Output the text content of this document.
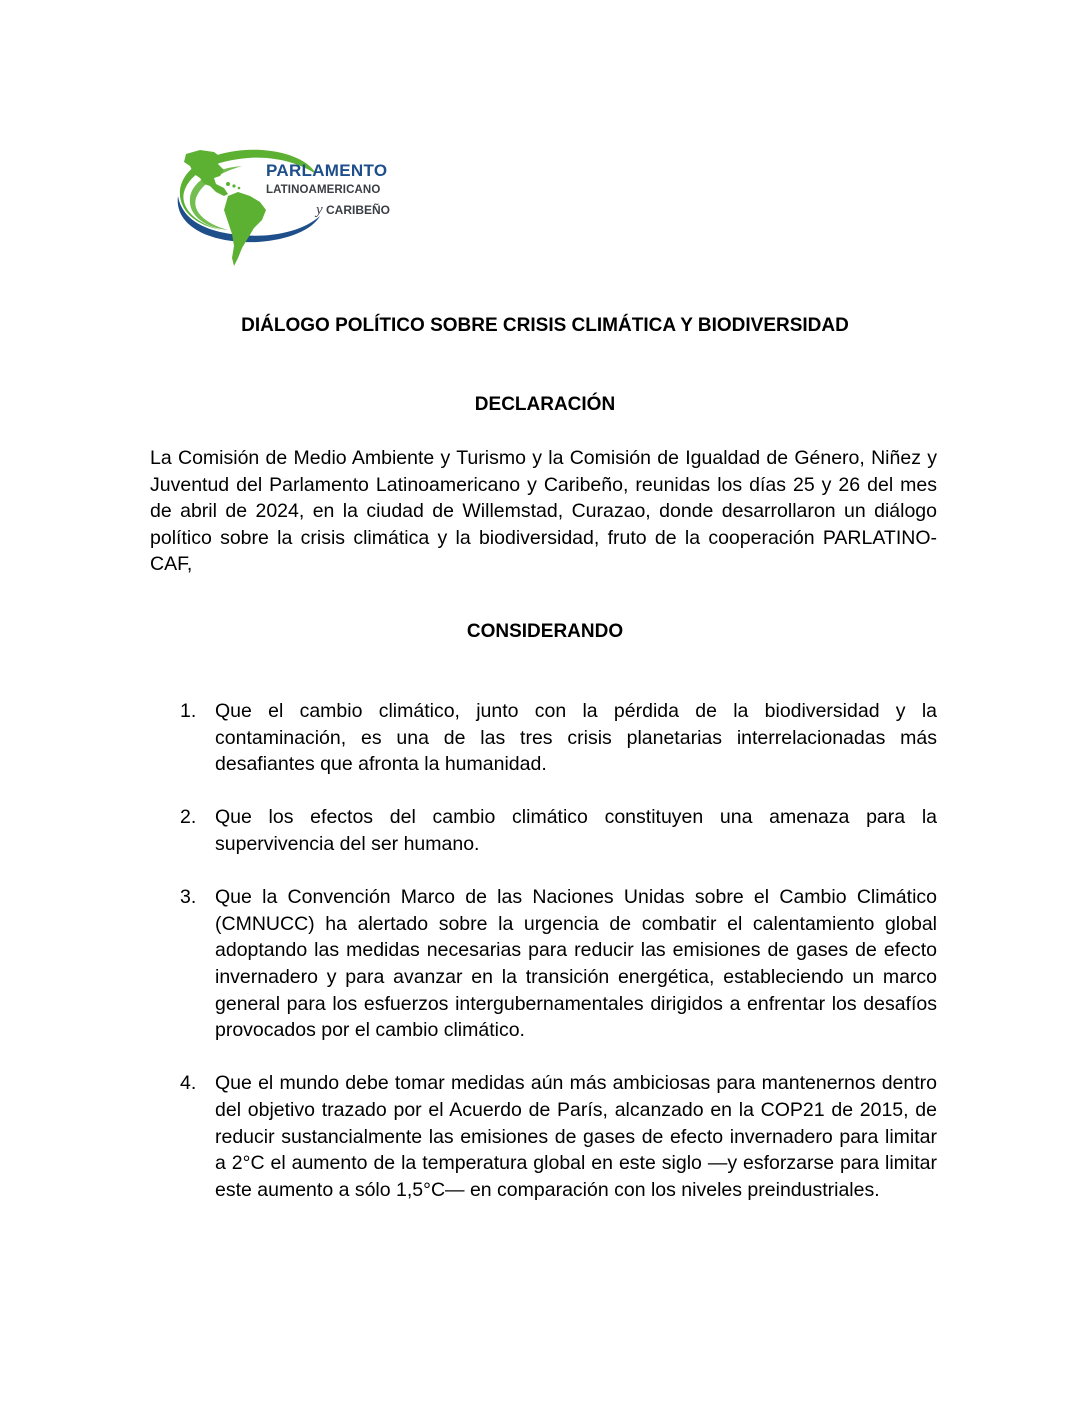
PARLAMENTO
LATINOAMERICANO
y CARIBEÑO
DIÁLOGO POLÍTICO SOBRE CRISIS CLIMÁTICA Y BIODIVERSIDAD
DECLARACIÓN

La Comisión de Medio Ambiente y Turismo y la Comisión de Igualdad de Género, Niñez y Juventud del Parlamento Latinoamericano y Caribeño, reunidas los días 25 y 26 del mes de abril de 2024, en la ciudad de Willemstad, Curazao, donde desarrollaron un diálogo político sobre la crisis climática y la biodiversidad, fruto de la cooperación PARLATINO-CAF,

CONSIDERANDO
1. Que el cambio climático, junto con la pérdida de la biodiversidad y la contaminación, es una de las tres crisis planetarias interrelacionadas más desafiantes que afronta la humanidad.
2. Que los efectos del cambio climático constituyen una amenaza para la supervivencia del ser humano.
3. Que la Convención Marco de las Naciones Unidas sobre el Cambio Climático (CMNUCC) ha alertado sobre la urgencia de combatir el calentamiento global adoptando las medidas necesarias para reducir las emisiones de gases de efecto invernadero y para avanzar en la transición energética, estableciendo un marco general para los esfuerzos intergubernamentales dirigidos a enfrentar los desafíos provocados por el cambio climático.
4. Que el mundo debe tomar medidas aún más ambiciosas para mantenernos dentro del objetivo trazado por el Acuerdo de París, alcanzado en la COP21 de 2015, de reducir sustancialmente las emisiones de gases de efecto invernadero para limitar a 2°C el aumento de la temperatura global en este siglo —y esforzarse para limitar este aumento a sólo 1,5°C— en comparación con los niveles preindustriales.
